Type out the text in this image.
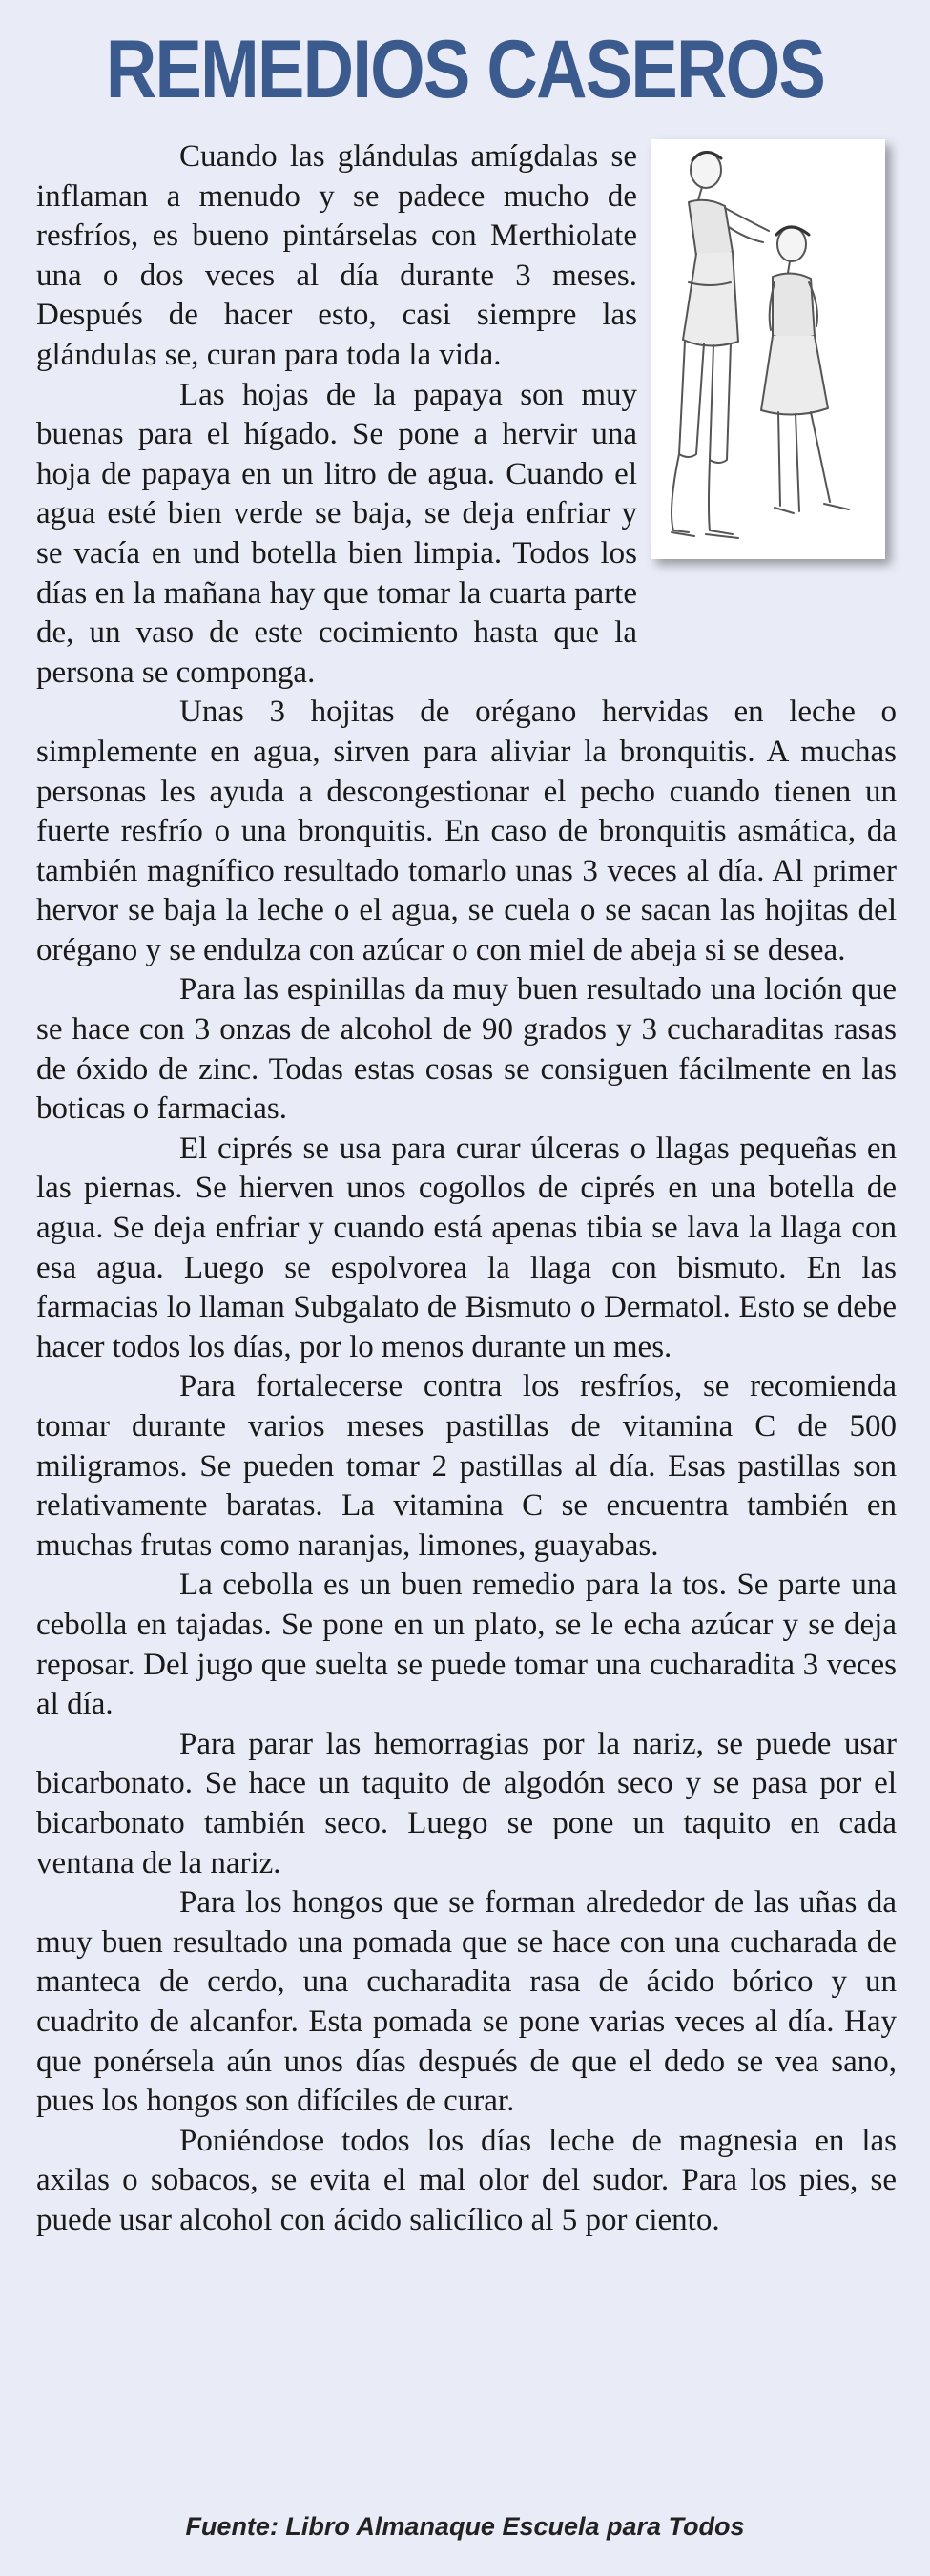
REMEDIOS CASEROS

Cuando las glándulas amígdalas se inflaman a menudo y se padece mucho de resfríos, es bueno pintárselas con Merthiolate una o dos veces al día durante 3 meses. Después de hacer esto, casi siempre las glándulas se, curan para toda la vida.

Las hojas de la papaya son muy buenas para el hígado. Se pone a hervir una hoja de papaya en un litro de agua. Cuando el agua esté bien verde se baja, se deja enfriar y se vacía en und botella bien limpia. Todos los días en la mañana hay que tomar la cuarta parte de, un vaso de este cocimiento hasta que la persona se componga.

Unas 3 hojitas de orégano hervidas en leche o simplemente en agua, sirven para aliviar la bronquitis. A muchas personas les ayuda a descongestionar el pecho cuando tienen un fuerte resfrío o una bronquitis. En caso de bronquitis asmática, da también magnífico resultado tomarlo unas 3 veces al día. Al primer hervor se baja la leche o el agua, se cuela o se sacan las hojitas del orégano y se endulza con azúcar o con miel de abeja si se desea.

Para las espinillas da muy buen resultado una loción que se hace con 3 onzas de alcohol de 90 grados y 3 cucharaditas rasas de óxido de zinc. Todas estas cosas se consiguen fácilmente en las boticas o farmacias.

El ciprés se usa para curar úlceras o llagas pequeñas en las piernas. Se hierven unos cogollos de ciprés en una botella de agua. Se deja enfriar y cuando está apenas tibia se lava la llaga con esa agua. Luego se espolvorea la llaga con bismuto. En las farmacias lo llaman Subgalato de Bismuto o Dermatol. Esto se debe hacer todos los días, por lo menos durante un mes.

Para fortalecerse contra los resfríos, se recomienda tomar durante varios meses pastillas de vitamina C de 500 miligramos. Se pueden tomar 2 pastillas al día. Esas pastillas son relativamente baratas. La vitamina C se encuentra también en muchas frutas como naranjas, limones, guayabas.

La cebolla es un buen remedio para la tos. Se parte una cebolla en tajadas. Se pone en un plato, se le echa azúcar y se deja reposar. Del jugo que suelta se puede tomar una cucharadita 3 veces al día.

Para parar las hemorragias por la nariz, se puede usar bicarbonato. Se hace un taquito de algodón seco y se pasa por el bicarbonato también seco. Luego se pone un taquito en cada ventana de la nariz.

Para los hongos que se forman alrededor de las uñas da muy buen resultado una pomada que se hace con una cucharada de manteca de cerdo, una cucharadita rasa de ácido bórico y un cuadrito de alcanfor. Esta pomada se pone varias veces al día. Hay que ponérsela aún unos días después de que el dedo se vea sano, pues los hongos son difíciles de curar.

Poniéndose todos los días leche de magnesia en las axilas o sobacos, se evita el mal olor del sudor. Para los pies, se puede usar alcohol con ácido salicílico al 5 por ciento.

Fuente: Libro Almanaque Escuela para Todos
